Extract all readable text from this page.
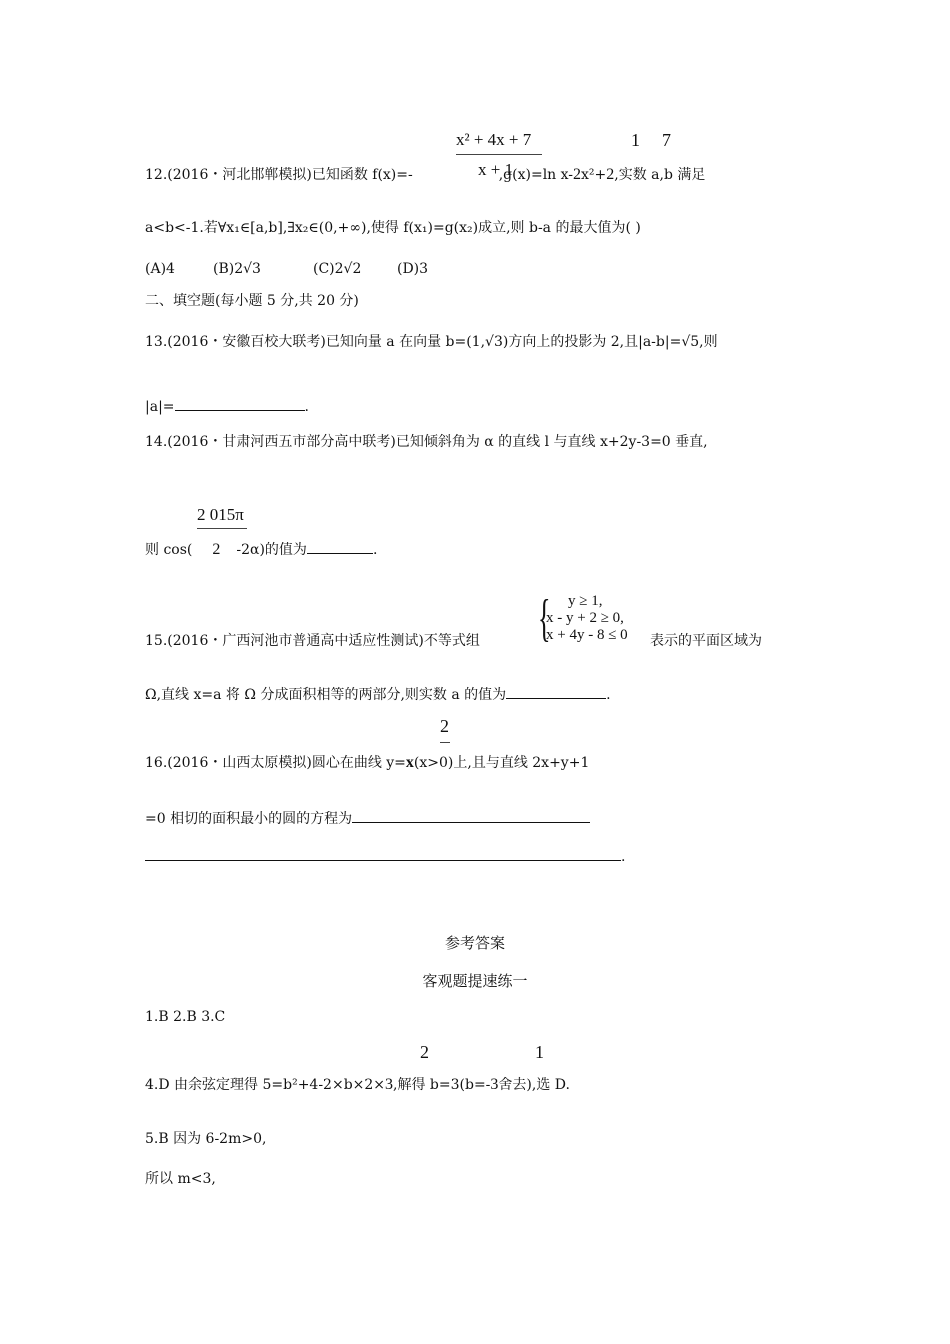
x² + 4x + 7
x + 1
1 7
12.(2016・河北邯郸模拟)已知函数 f(x)=-	,g(x)=ln x-2x²+2,实数 a,b 满足
a<b<-1.若∀x₁∈[a,b],∃x₂∈(0,+∞),使得 f(x₁)=g(x₂)成立,则 b-a 的最大值为( )
(A)4	(B)2√3	(C)2√2	(D)3
二、填空题(每小题 5 分,共 20 分)
13.(2016・安徽百校大联考)已知向量 a 在向量 b=(1,√3)方向上的投影为 2,且|a-b|=√5,则
|a|=	.
14.(2016・甘肃河西五市部分高中联考)已知倾斜角为 α 的直线 l 与直线 x+2y-3=0 垂直,
2 015π
则 cos( 2 -2α)的值为	.
{	y ≥ 1,
x - y + 2 ≥ 0,
x + 4y - 8 ≤ 0
15.(2016・广西河池市普通高中适应性测试)不等式组	表示的平面区域为
Ω,直线 x=a 将 Ω 分成面积相等的两部分,则实数 a 的值为	.
2
16.(2016・山西太原模拟)圆心在曲线 y=x(x>0)上,且与直线 2x+y+1
=0 相切的面积最小的圆的方程为
.
参考答案
客观题提速练一
1.B 2.B 3.C
2	1
4.D 由余弦定理得 5=b²+4-2×b×2×3,解得 b=3(b=-3舍去),选 D.
5.B 因为 6-2m>0,
所以 m<3,
